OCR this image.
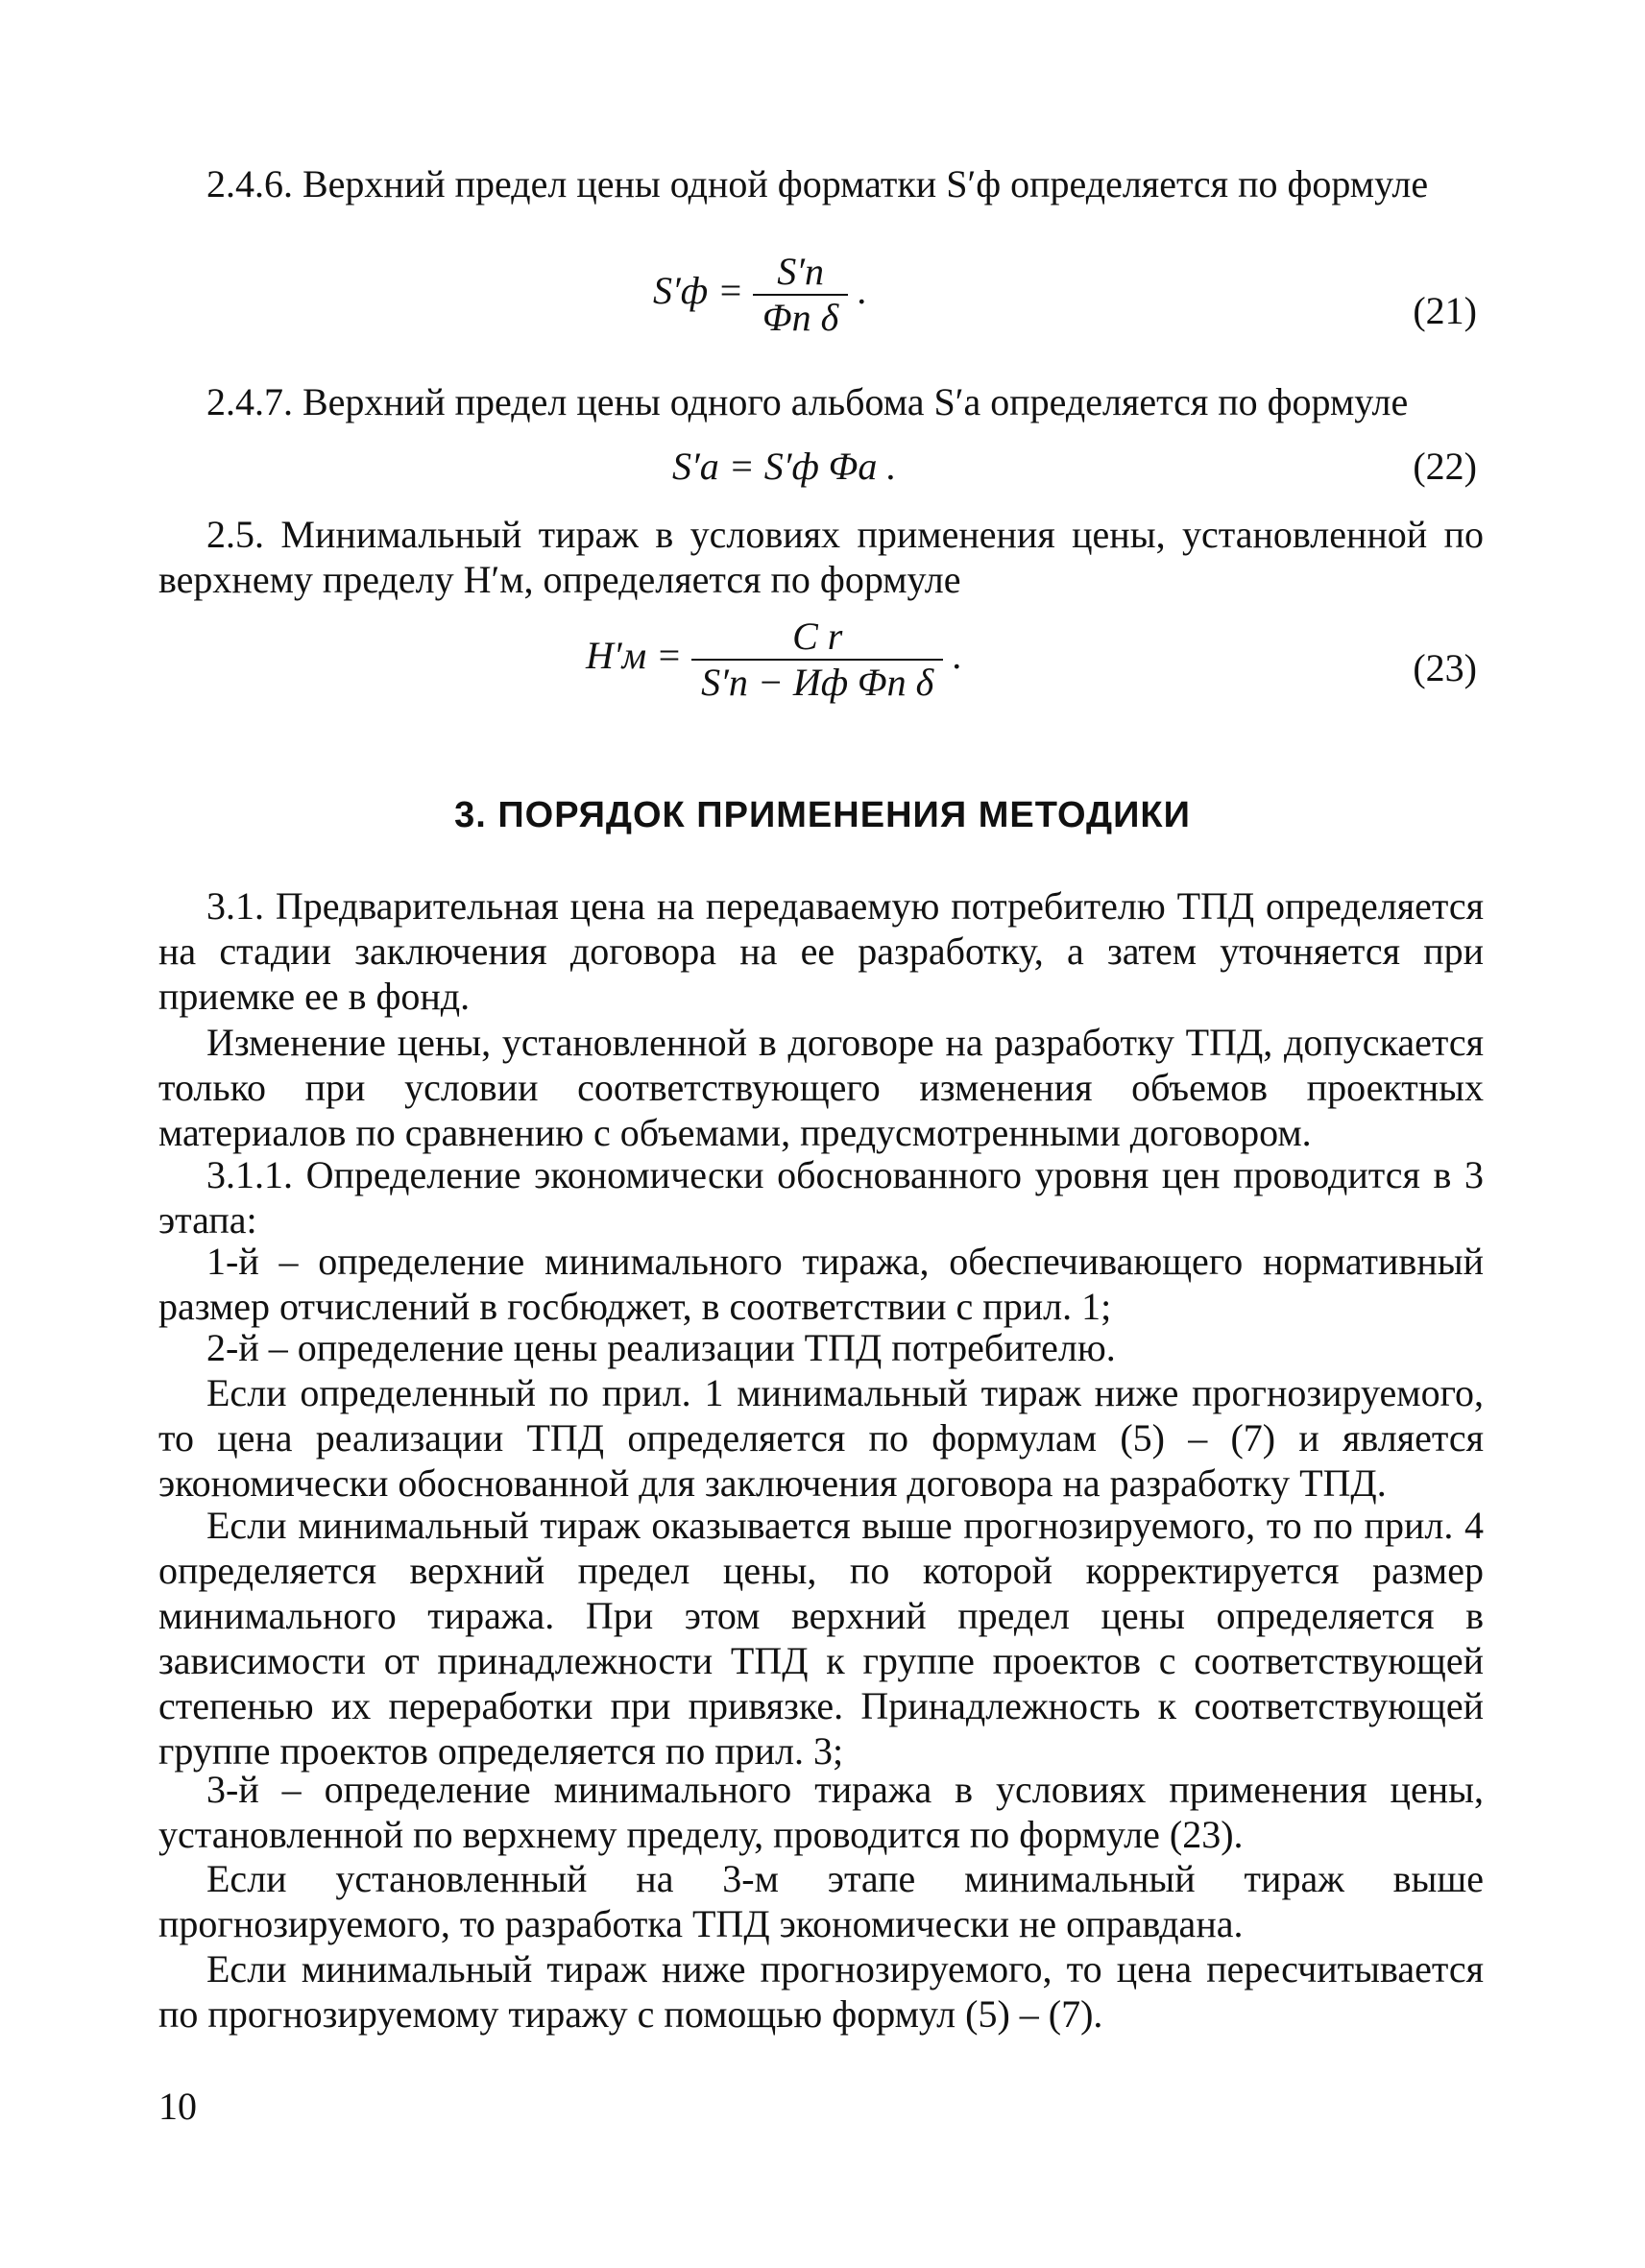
2.4.6. Верхний предел цены одной форматки S′ф определяется по формуле

$S'ф = \frac{S'п}{\text{Φп δ}}$ .	(21)

2.4.7. Верхний предел цены одного альбома S′а определяется по формуле

S′а = S′ф Φа .	(22)

2.5. Минимальный тираж в условиях применения цены, установленной по верхнему пределу H′м, определяется по формуле

$H'м = \frac{\text{C r}}{\text{S′п − Иф Φп δ}}$ .	(23)
3. ПОРЯДОК ПРИМЕНЕНИЯ МЕТОДИКИ

3.1. Предварительная цена на передаваемую потребителю ТПД определяется на стадии заключения договора на ее разработку, а затем уточняется при приемке ее в фонд.

Изменение цены, установленной в договоре на разработку ТПД, допускается только при условии соответствующего изменения объемов проектных материалов по сравнению с объемами, предусмотренными договором.

3.1.1. Определение экономически обоснованного уровня цен проводится в 3 этапа:

1-й – определение минимального тиража, обеспечивающего нормативный размер отчислений в госбюджет, в соответствии с прил. 1;

2-й – определение цены реализации ТПД потребителю.

Если определенный по прил. 1 минимальный тираж ниже прогнозируемого, то цена реализации ТПД определяется по формулам (5) – (7) и является экономически обоснованной для заключения договора на разработку ТПД.

Если минимальный тираж оказывается выше прогнозируемого, то по прил. 4 определяется верхний предел цены, по которой корректируется размер минимального тиража. При этом верхний предел цены определяется в зависимости от принадлежности ТПД к группе проектов с соответствующей степенью их переработки при привязке. Принадлежность к соответствующей группе проектов определяется по прил. 3;

3-й – определение минимального тиража в условиях применения цены, установленной по верхнему пределу, проводится по формуле (23).

Если установленный на 3-м этапе минимальный тираж выше прогнозируемого, то разработка ТПД экономически не оправдана.

Если минимальный тираж ниже прогнозируемого, то цена пересчитывается по прогнозируемому тиражу с помощью формул (5) – (7).

10
